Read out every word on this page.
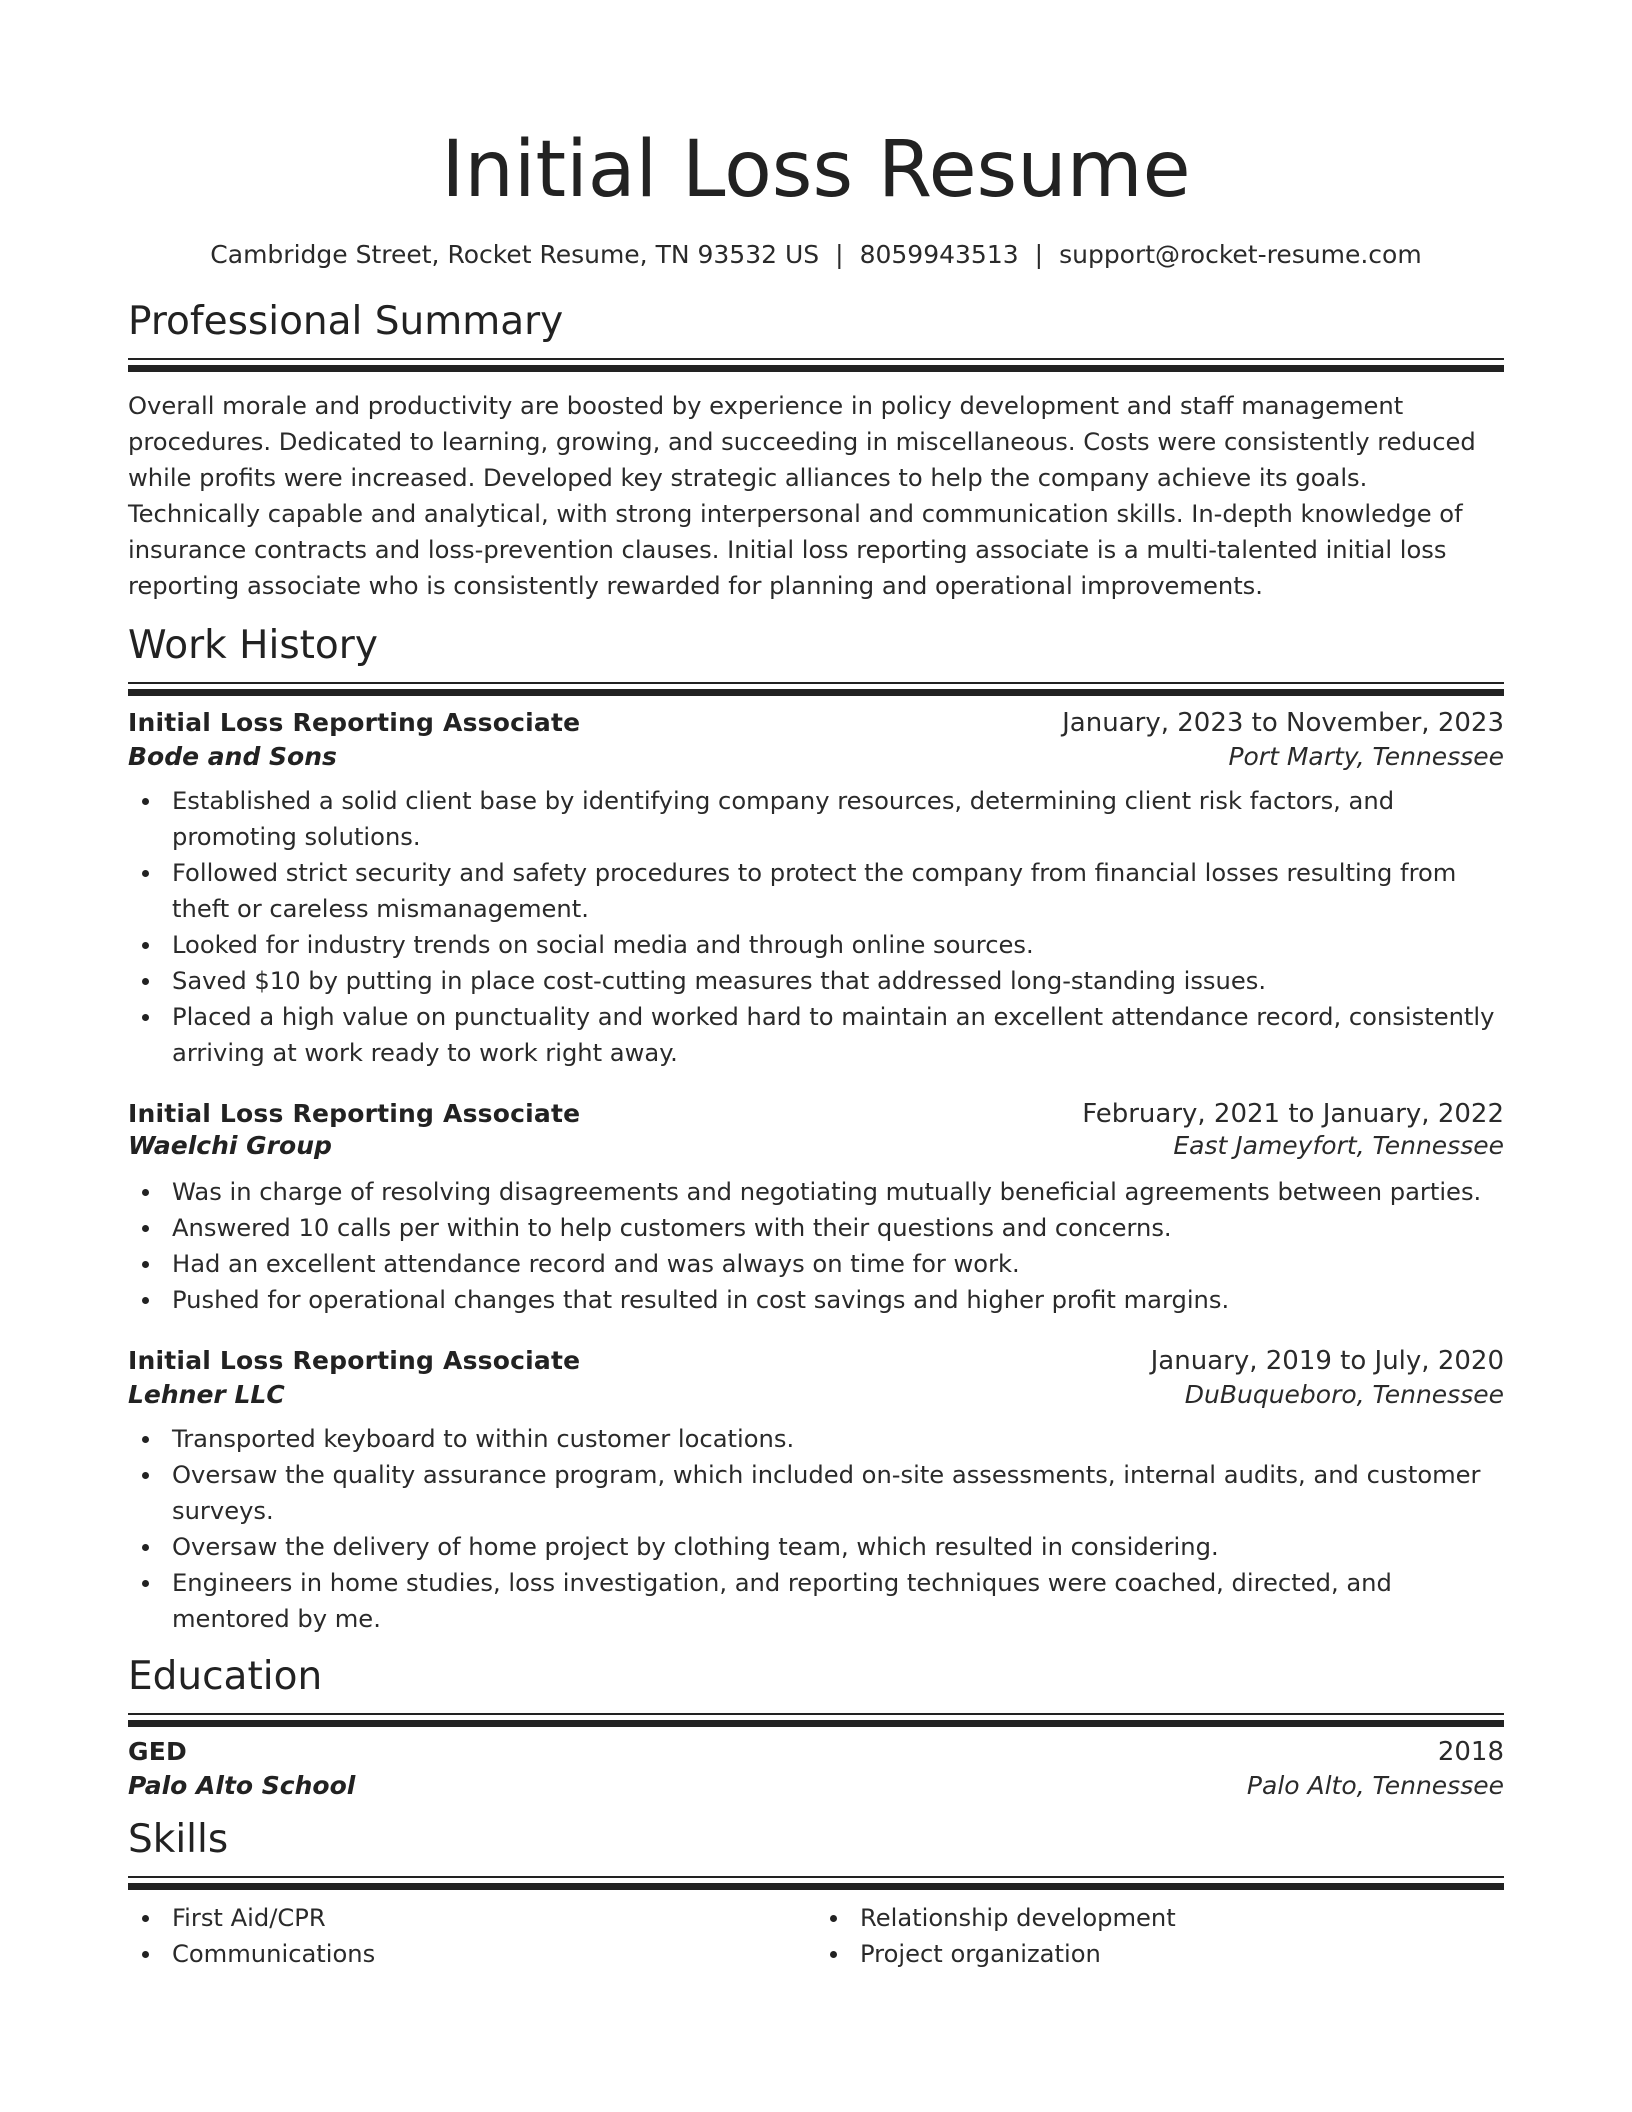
Initial Loss Resume
Cambridge Street, Rocket Resume, TN 93532 US | 8059943513 | support@rocket-resume.com
Professional Summary
Overall morale and productivity are boosted by experience in policy development and staff management procedures. Dedicated to learning, growing, and succeeding in miscellaneous. Costs were consistently reduced while profits were increased. Developed key strategic alliances to help the company achieve its goals. Technically capable and analytical, with strong interpersonal and communication skills. In-depth knowledge of insurance contracts and loss-prevention clauses. Initial loss reporting associate is a multi-talented initial loss reporting associate who is consistently rewarded for planning and operational improvements.
Work History
Initial Loss Reporting Associate	January, 2023 to November, 2023
Bode and Sons	Port Marty, Tennessee
Established a solid client base by identifying company resources, determining client risk factors, and promoting solutions.
Followed strict security and safety procedures to protect the company from financial losses resulting from theft or careless mismanagement.
Looked for industry trends on social media and through online sources.
Saved $10 by putting in place cost-cutting measures that addressed long-standing issues.
Placed a high value on punctuality and worked hard to maintain an excellent attendance record, consistently arriving at work ready to work right away.
Initial Loss Reporting Associate	February, 2021 to January, 2022
Waelchi Group	East Jameyfort, Tennessee
Was in charge of resolving disagreements and negotiating mutually beneficial agreements between parties.
Answered 10 calls per within to help customers with their questions and concerns.
Had an excellent attendance record and was always on time for work.
Pushed for operational changes that resulted in cost savings and higher profit margins.
Initial Loss Reporting Associate	January, 2019 to July, 2020
Lehner LLC	DuBuqueboro, Tennessee
Transported keyboard to within customer locations.
Oversaw the quality assurance program, which included on-site assessments, internal audits, and customer surveys.
Oversaw the delivery of home project by clothing team, which resulted in considering.
Engineers in home studies, loss investigation, and reporting techniques were coached, directed, and mentored by me.
Education
GED	2018
Palo Alto School	Palo Alto, Tennessee
Skills
First Aid/CPR
Communications
Relationship development
Project organization
